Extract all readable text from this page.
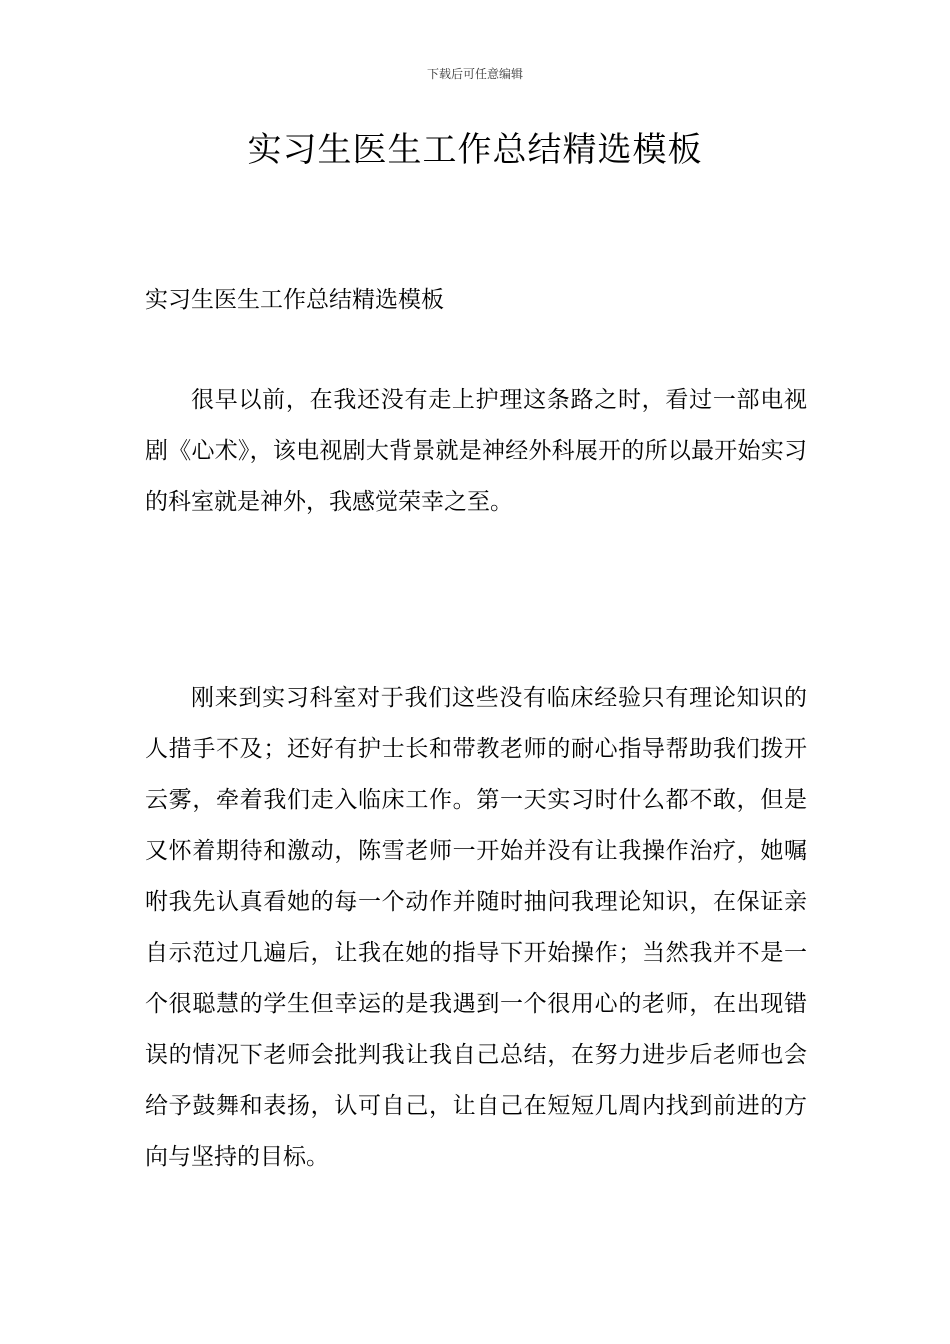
下载后可任意编辑
实习生医生工作总结精选模板

实习生医生工作总结精选模板

很早以前，在我还没有走上护理这条路之时，看过一部电视剧《心术》，该电视剧大背景就是神经外科展开的所以最开始实习的科室就是神外，我感觉荣幸之至。

刚来到实习科室对于我们这些没有临床经验只有理论知识的人措手不及；还好有护士长和带教老师的耐心指导帮助我们拨开云雾，牵着我们走入临床工作。第一天实习时什么都不敢，但是又怀着期待和激动，陈雪老师一开始并没有让我操作治疗，她嘱咐我先认真看她的每一个动作并随时抽问我理论知识，在保证亲自示范过几遍后，让我在她的指导下开始操作；当然我并不是一个很聪慧的学生但幸运的是我遇到一个很用心的老师，在出现错误的情况下老师会批判我让我自己总结，在努力进步后老师也会给予鼓舞和表扬，认可自己，让自己在短短几周内找到前进的方向与坚持的目标。
